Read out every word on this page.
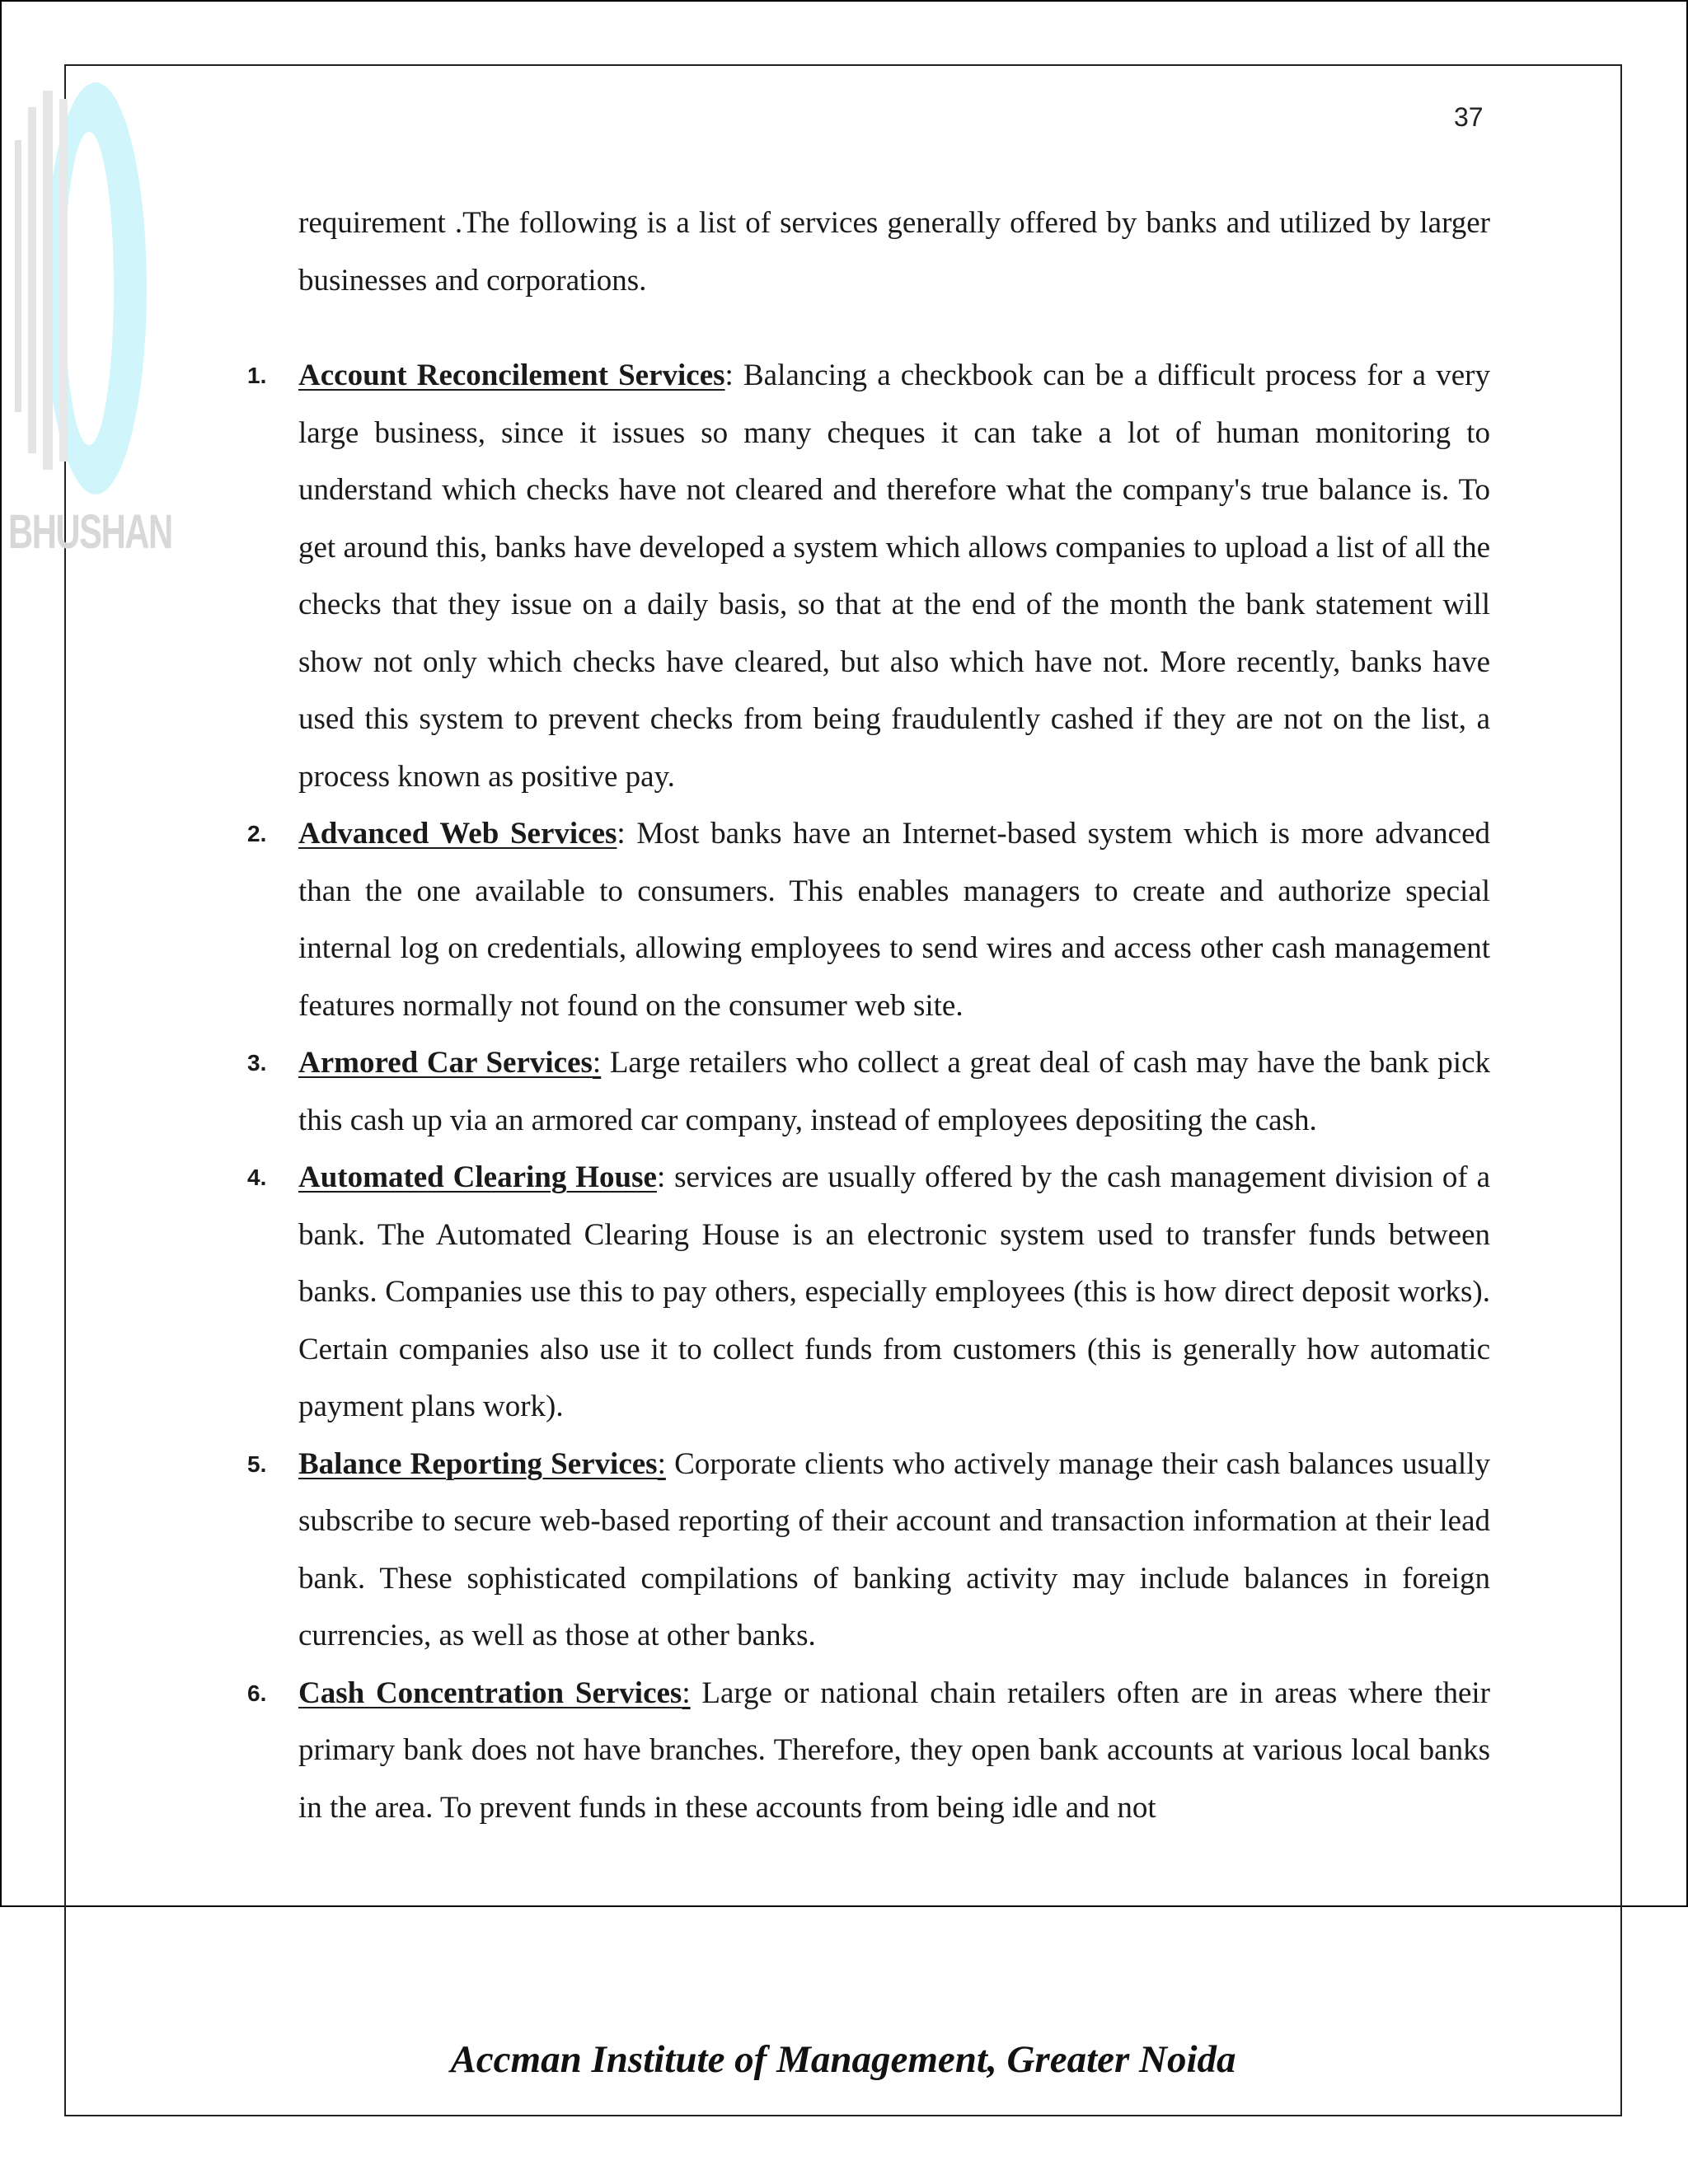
BHUSHAN
37

requirement .The following is a list of services generally offered by banks and utilized by larger businesses and corporations.

1. Account Reconcilement Services: Balancing a checkbook can be a difficult process for a very large business, since it issues so many cheques it can take a lot of human monitoring to understand which checks have not cleared and therefore what the company's true balance is. To get around this, banks have developed a system which allows companies to upload a list of all the checks that they issue on a daily basis, so that at the end of the month the bank statement will show not only which checks have cleared, but also which have not. More recently, banks have used this system to prevent checks from being fraudulently cashed if they are not on the list, a process known as positive pay.

2. Advanced Web Services: Most banks have an Internet-based system which is more advanced than the one available to consumers. This enables managers to create and authorize special internal log on credentials, allowing employees to send wires and access other cash management features normally not found on the consumer web site.

3. Armored Car Services: Large retailers who collect a great deal of cash may have the bank pick this cash up via an armored car company, instead of employees depositing the cash.

4. Automated Clearing House: services are usually offered by the cash management division of a bank. The Automated Clearing House is an electronic system used to transfer funds between banks. Companies use this to pay others, especially employees (this is how direct deposit works). Certain companies also use it to collect funds from customers (this is generally how automatic payment plans work).

5. Balance Reporting Services: Corporate clients who actively manage their cash balances usually subscribe to secure web-based reporting of their account and transaction information at their lead bank. These sophisticated compilations of banking activity may include balances in foreign currencies, as well as those at other banks.

6. Cash Concentration Services: Large or national chain retailers often are in areas where their primary bank does not have branches. Therefore, they open bank accounts at various local banks in the area. To prevent funds in these accounts from being idle and not

Accman Institute of Management, Greater Noida
